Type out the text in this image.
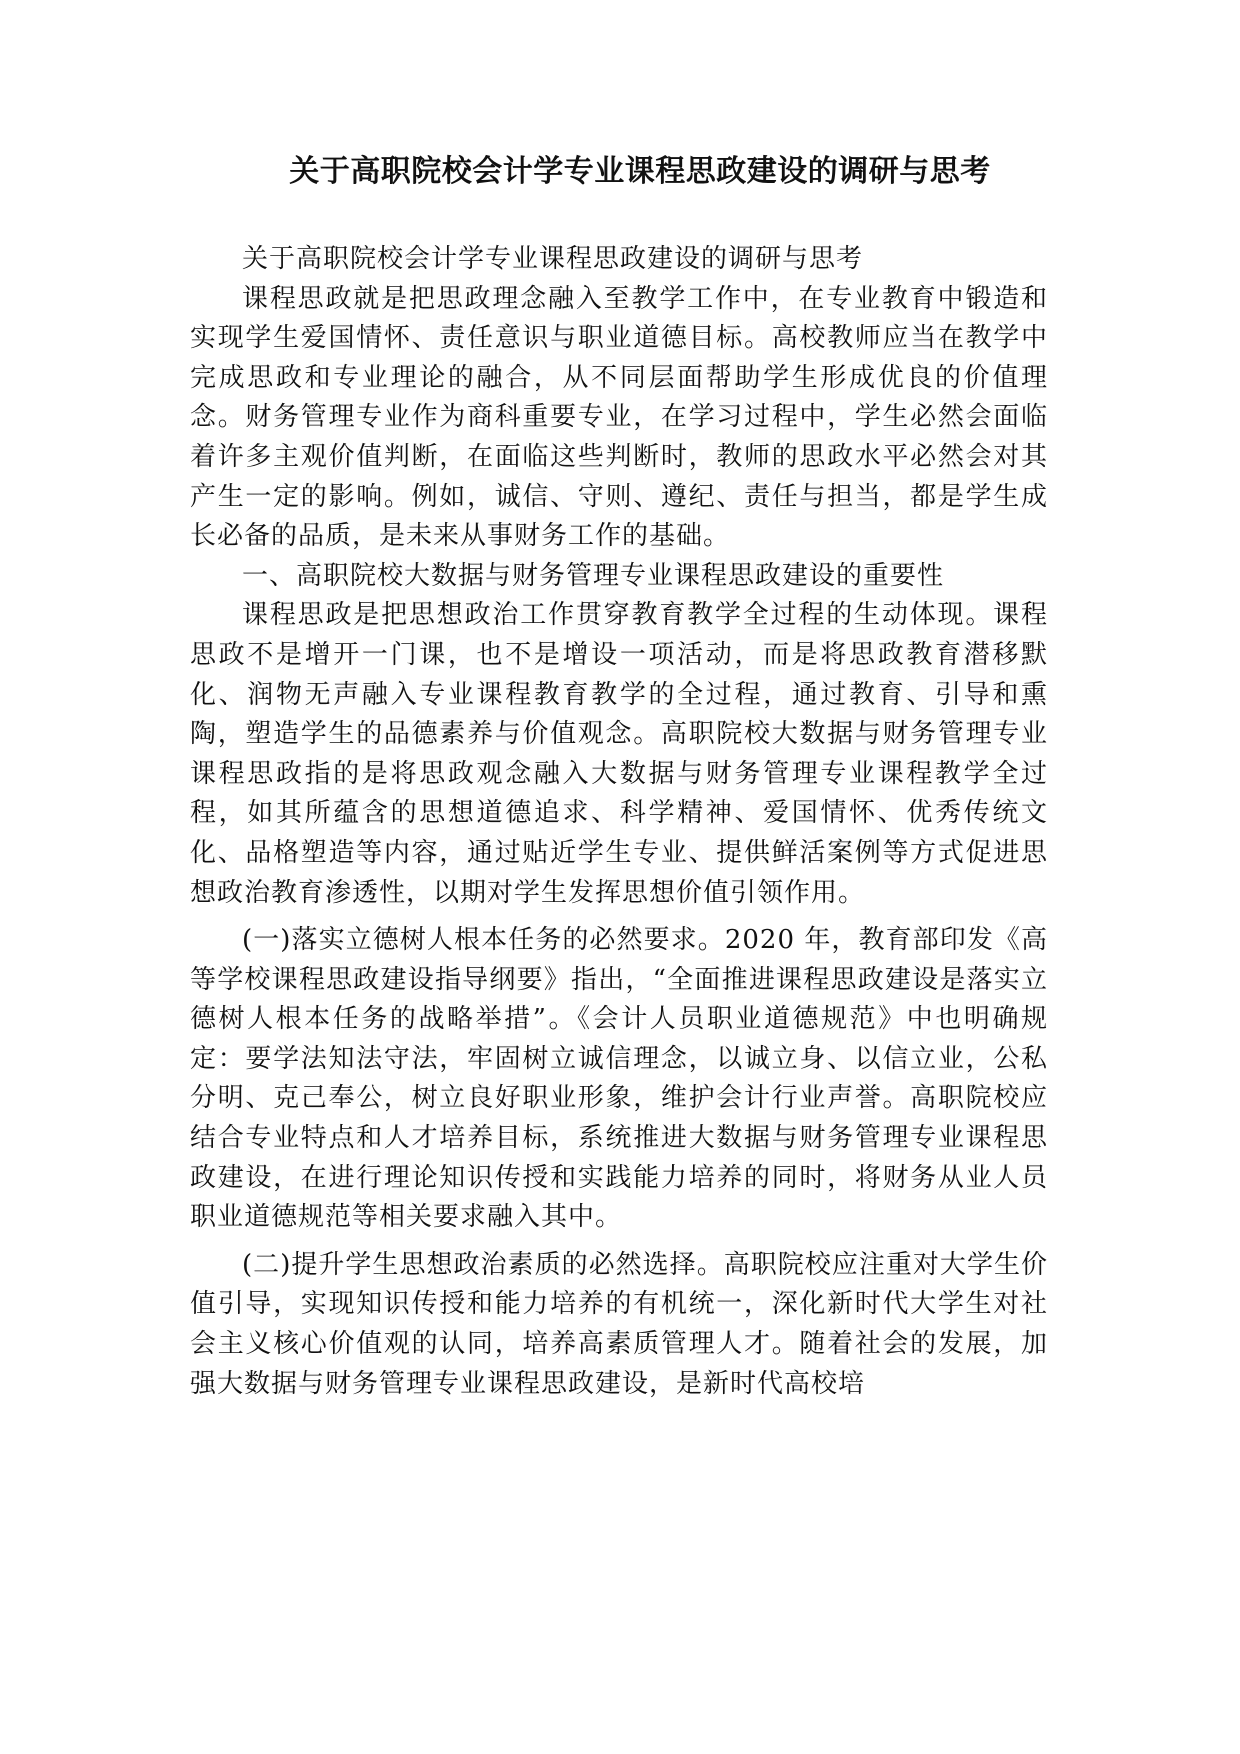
关于高职院校会计学专业课程思政建设的调研与思考

关于高职院校会计学专业课程思政建设的调研与思考

课程思政就是把思政理念融入至教学工作中，在专业教育中锻造和实现学生爱国情怀、责任意识与职业道德目标。高校教师应当在教学中完成思政和专业理论的融合，从不同层面帮助学生形成优良的价值理念。财务管理专业作为商科重要专业，在学习过程中，学生必然会面临着许多主观价值判断，在面临这些判断时，教师的思政水平必然会对其产生一定的影响。例如，诚信、守则、遵纪、责任与担当，都是学生成长必备的品质，是未来从事财务工作的基础。

一、高职院校大数据与财务管理专业课程思政建设的重要性

课程思政是把思想政治工作贯穿教育教学全过程的生动体现。课程思政不是增开一门课，也不是增设一项活动，而是将思政教育潜移默化、润物无声融入专业课程教育教学的全过程，通过教育、引导和熏陶，塑造学生的品德素养与价值观念。高职院校大数据与财务管理专业课程思政指的是将思政观念融入大数据与财务管理专业课程教学全过程，如其所蕴含的思想道德追求、科学精神、爱国情怀、优秀传统文化、品格塑造等内容，通过贴近学生专业、提供鲜活案例等方式促进思想政治教育渗透性，以期对学生发挥思想价值引领作用。

(一)落实立德树人根本任务的必然要求。2020 年，教育部印发《高等学校课程思政建设指导纲要》指出，“全面推进课程思政建设是落实立德树人根本任务的战略举措”。《会计人员职业道德规范》中也明确规定：要学法知法守法，牢固树立诚信理念，以诚立身、以信立业，公私分明、克己奉公，树立良好职业形象，维护会计行业声誉。高职院校应结合专业特点和人才培养目标，系统推进大数据与财务管理专业课程思政建设，在进行理论知识传授和实践能力培养的同时，将财务从业人员职业道德规范等相关要求融入其中。

(二)提升学生思想政治素质的必然选择。高职院校应注重对大学生价值引导，实现知识传授和能力培养的有机统一，深化新时代大学生对社会主义核心价值观的认同，培养高素质管理人才。随着社会的发展，加强大数据与财务管理专业课程思政建设，是新时代高校培
